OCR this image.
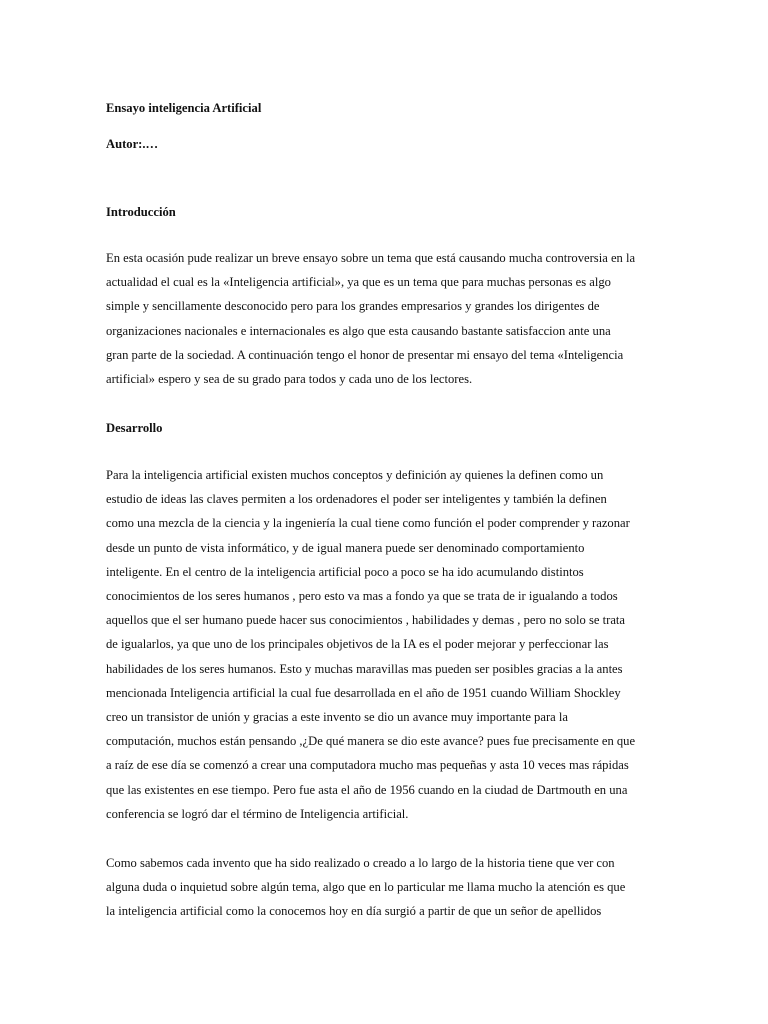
Ensayo inteligencia Artificial

Autor:.…

Introducción

En esta ocasión pude realizar un breve ensayo sobre un tema que está causando mucha controversia en la
actualidad el cual es la «Inteligencia artificial», ya que es un tema que para muchas personas es algo
simple y sencillamente desconocido pero para los grandes empresarios y grandes los dirigentes de
organizaciones nacionales e internacionales es algo que esta causando bastante satisfaccion ante una
gran parte de la sociedad. A continuación tengo el honor de presentar mi ensayo del tema «Inteligencia
artificial» espero y sea de su grado para todos y cada uno de los lectores.

Desarrollo

Para la inteligencia artificial existen muchos conceptos y definición ay quienes la definen como un
estudio de ideas las claves permiten a los ordenadores el poder ser inteligentes y también la definen
como una mezcla de la ciencia y la ingeniería la cual tiene como función el poder comprender y razonar
desde un punto de vista informático, y de igual manera puede ser denominado comportamiento
inteligente. En el centro de la inteligencia artificial poco a poco se ha ido acumulando distintos
conocimientos de los seres humanos , pero esto va mas a fondo ya que se trata de ir igualando a todos
aquellos que el ser humano puede hacer sus conocimientos , habilidades y demas , pero no solo se trata
de igualarlos, ya que uno de los principales objetivos de la IA es el poder mejorar y perfeccionar las
habilidades de los seres humanos. Esto y muchas maravillas mas pueden ser posibles gracias a la antes
mencionada Inteligencia artificial la cual fue desarrollada en el año de 1951 cuando William Shockley
creo un transistor de unión y gracias a este invento se dio un avance muy importante para la
computación, muchos están pensando ,¿De qué manera se dio este avance? pues fue precisamente en que
a raíz de ese día se comenzó a crear una computadora mucho mas pequeñas y asta 10 veces mas rápidas
que las existentes en ese tiempo. Pero fue asta el año de 1956 cuando en la ciudad de Dartmouth en una
conferencia se logró dar el término de Inteligencia artificial.
Como sabemos cada invento que ha sido realizado o creado a lo largo de la historia tiene que ver con
alguna duda o inquietud sobre algún tema, algo que en lo particular me llama mucho la atención es que
la inteligencia artificial como la conocemos hoy en día surgió a partir de que un señor de apellidos
